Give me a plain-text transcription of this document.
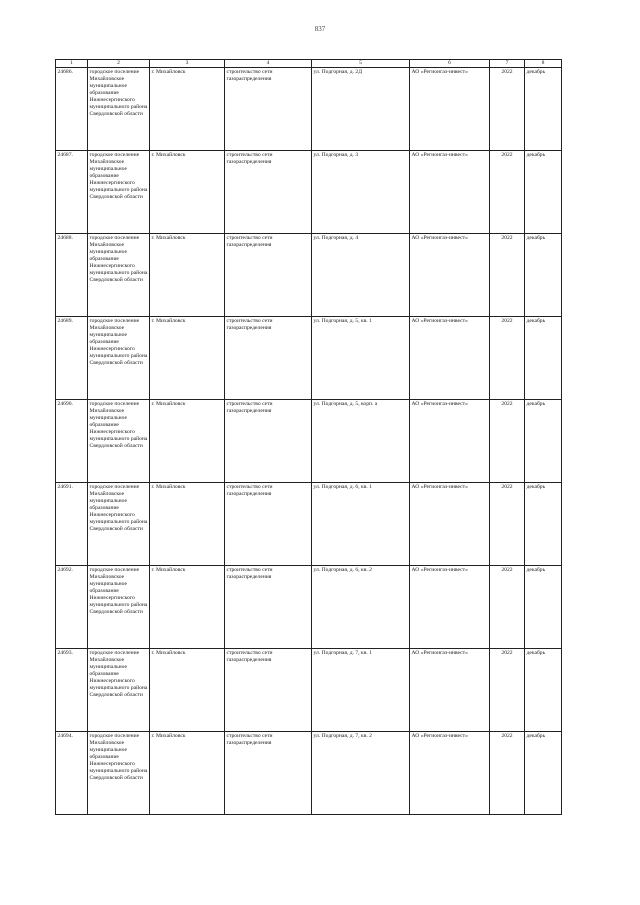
837
1	2	3	4	5	6	7	8
24686.	городское поселение Михайловское муниципальное образование Нижнесергинского муниципального района Свердловской области	г. Михайловск	строительство сети газораспределения	ул. Подгорная, д. 2Д	АО «Регионгаз-инвест»	2022	декабрь
24687.	городское поселение Михайловское муниципальное образование Нижнесергинского муниципального района Свердловской области	г. Михайловск	строительство сети газораспределения	ул. Подгорная, д. 3	АО «Регионгаз-инвест»	2022	декабрь
24688.	городское поселение Михайловское муниципальное образование Нижнесергинского муниципального района Свердловской области	г. Михайловск	строительство сети газораспределения	ул. Подгорная, д. 4	АО «Регионгаз-инвест»	2022	декабрь
24689.	городское поселение Михайловское муниципальное образование Нижнесергинского муниципального района Свердловской области	г. Михайловск	строительство сети газораспределения	ул. Подгорная, д. 5, кв. 1	АО «Регионгаз-инвест»	2022	декабрь
24690.	городское поселение Михайловское муниципальное образование Нижнесергинского муниципального района Свердловской области	г. Михайловск	строительство сети газораспределения	ул. Подгорная, д. 5, корп. а	АО «Регионгаз-инвест»	2022	декабрь
24691.	городское поселение Михайловское муниципальное образование Нижнесергинского муниципального района Свердловской области	г. Михайловск	строительство сети газораспределения	ул. Подгорная, д. 6, кв. 1	АО «Регионгаз-инвест»	2022	декабрь
24692.	городское поселение Михайловское муниципальное образование Нижнесергинского муниципального района Свердловской области	г. Михайловск	строительство сети газораспределения	ул. Подгорная, д. 6, кв. 2	АО «Регионгаз-инвест»	2022	декабрь
24693.	городское поселение Михайловское муниципальное образование Нижнесергинского муниципального района Свердловской области	г. Михайловск	строительство сети газораспределения	ул. Подгорная, д. 7, кв. 1	АО «Регионгаз-инвест»	2022	декабрь
24694.	городское поселение Михайловское муниципальное образование Нижнесергинского муниципального района Свердловской области	г. Михайловск	строительство сети газораспределения	ул. Подгорная, д. 7, кв. 2	АО «Регионгаз-инвест»	2022	декабрь
